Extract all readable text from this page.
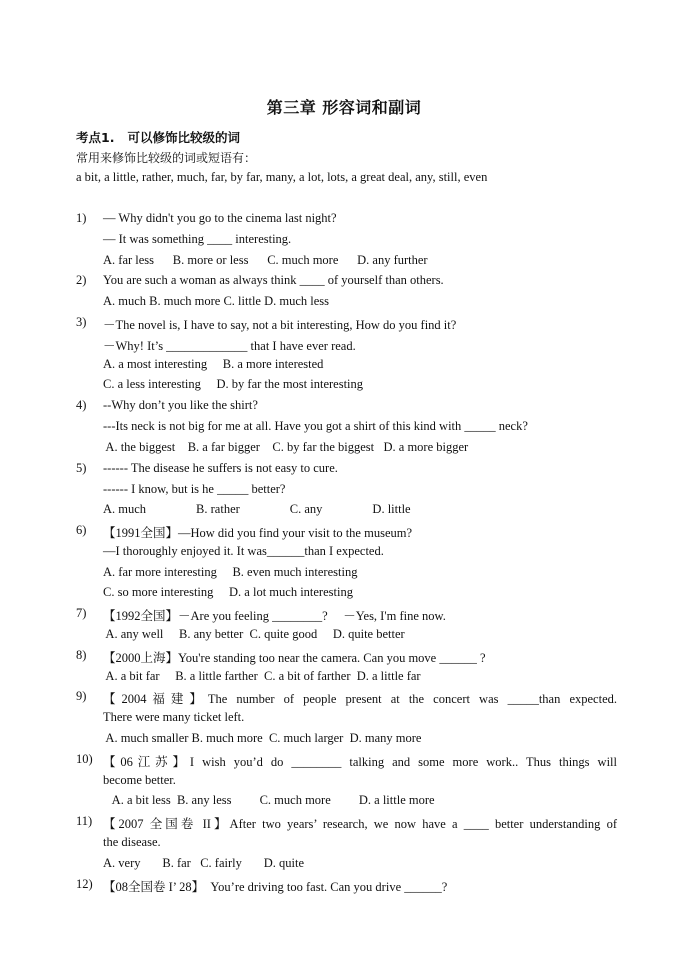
第三章 形容词和副词
考点1. 可以修饰比较级的词
常用来修饰比较级的词或短语有：
a bit, a little, rather, much, far, by far, many, a lot, lots, a great deal, any, still, even
1)	— Why didn't you go to the cinema last night?
— It was something ____ interesting.
A. far less      B. more or less      C. much more      D. any further
2)	You are such a woman as always think ____ of yourself than others.
A. much B. much more C. little D. much less
3)	－The novel is, I have to say, not a bit interesting, How do you find it?
－Why! It’s _____________ that I have ever read.
A. a most interesting     B. a more interested
C. a less interesting     D. by far the most interesting
4)	--Why don’t you like the shirt?
---Its neck is not big for me at all. Have you got a shirt of this kind with _____ neck?
A. the biggest    B. a far bigger    C. by far the biggest   D. a more bigger
5)	------ The disease he suffers is not easy to cure.
------ I know, but is he _____ better?
A. much                B. rather                C. any                D. little
6)	【1991全国】—How did you find your visit to the museum?
—I thoroughly enjoyed it. It was______than I expected.
A. far more interesting     B. even much interesting
C. so more interesting     D. a lot much interesting
7)	【1992全国】－Are you feeling ________?     －Yes, I'm fine now.
A. any well     B. any better  C. quite good     D. quite better
8)	【2000上海】You're standing too near the camera. Can you move ______ ?
A. a bit far     B. a little farther  C. a bit of farther  D. a little far
9)	【2004福建】The number of people present at the concert was _____than expected.
There were many ticket left.
A. much smaller B. much more  C. much larger  D. many more
10) 【06江苏】I wish you’d do ________ talking and some more work.. Thus things will
become better.
A. a bit less  B. any less         C. much more         D. a little more
11) 【2007 全国卷 II】After two years’ research, we now have a ____ better understanding of
the disease.
A. very       B. far   C. fairly       D. quite
12) 【08全国卷 I’ 28】  You’re driving too fast. Can you drive ______?
